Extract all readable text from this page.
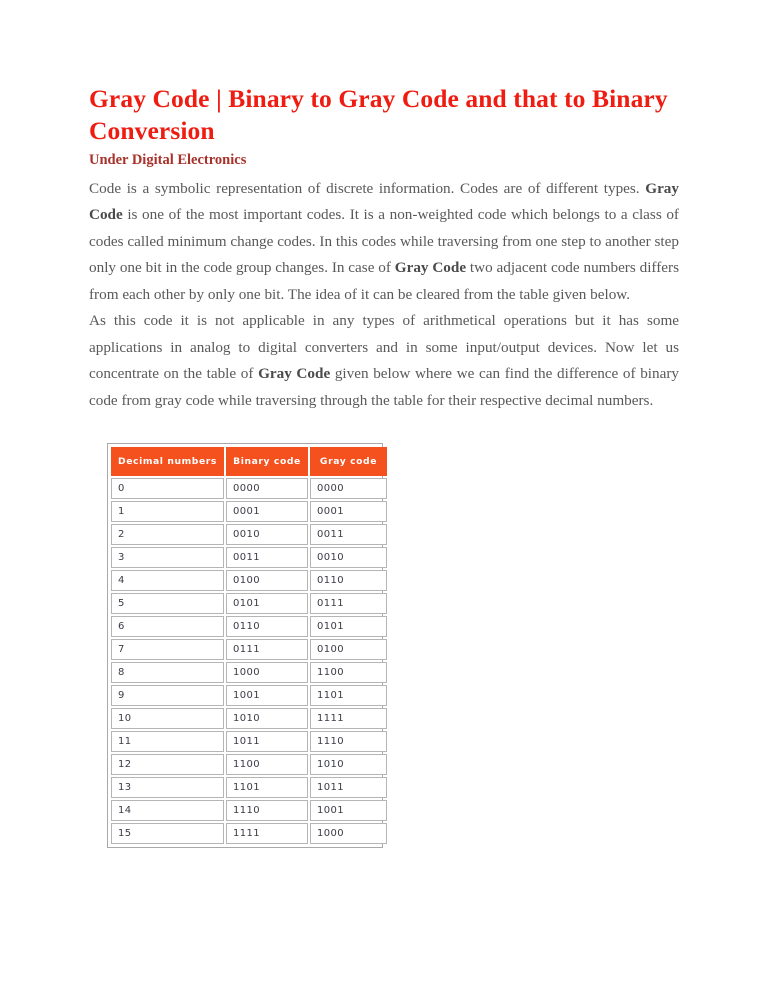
Gray Code | Binary to Gray Code and that to Binary Conversion
Under Digital Electronics

Code is a symbolic representation of discrete information. Codes are of different types. Gray Code is one of the most important codes. It is a non-weighted code which belongs to a class of codes called minimum change codes. In this codes while traversing from one step to another step only one bit in the code group changes. In case of Gray Code two adjacent code numbers differs from each other by only one bit. The idea of it can be cleared from the table given below.

As this code it is not applicable in any types of arithmetical operations but it has some applications in analog to digital converters and in some input/output devices. Now let us concentrate on the table of Gray Code given below where we can find the difference of binary code from gray code while traversing through the table for their respective decimal numbers.

Decimal numbers	Binary code	Gray code
0	0000	0000
1	0001	0001
2	0010	0011
3	0011	0010
4	0100	0110
5	0101	0111
6	0110	0101
7	0111	0100
8	1000	1100
9	1001	1101
10	1010	1111
11	1011	1110
12	1100	1010
13	1101	1011
14	1110	1001
15	1111	1000
